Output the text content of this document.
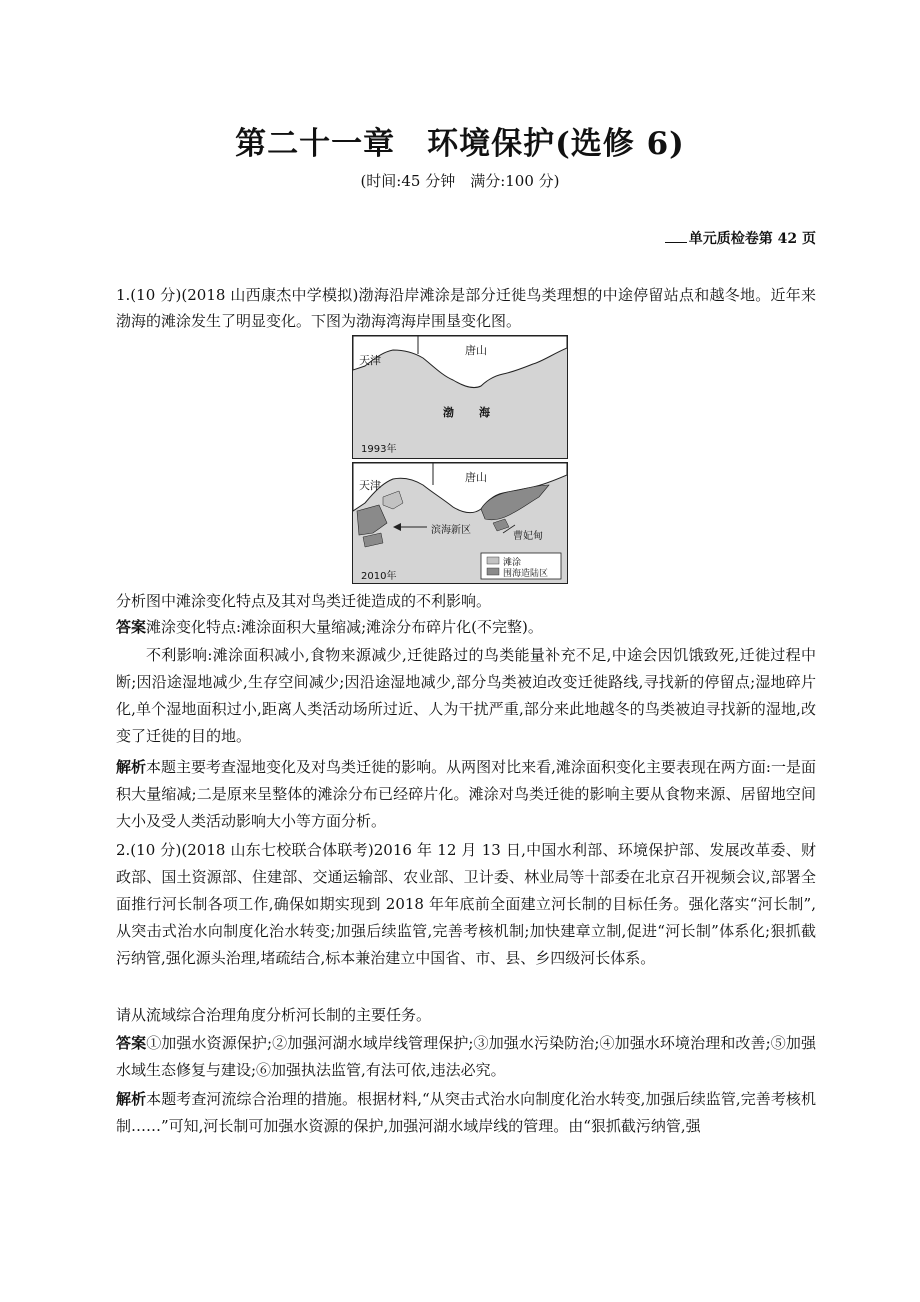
第二十一章　环境保护(选修 6)
(时间:45 分钟　满分:100 分)
单元质检卷第 42 页
1.(10 分)(2018 山西康杰中学模拟)渤海沿岸滩涂是部分迁徙鸟类理想的中途停留站点和越冬地。近年来渤海的滩涂发生了明显变化。下图为渤海湾海岸围垦变化图。
天津
唐山
渤 海
1993年
天津
唐山
滨海新区
曹妃甸
2010年
滩涂
围海造陆区
分析图中滩涂变化特点及其对鸟类迁徙造成的不利影响。
答案滩涂变化特点:滩涂面积大量缩减;滩涂分布碎片化(不完整)。
不利影响:滩涂面积减小,食物来源减少,迁徙路过的鸟类能量补充不足,中途会因饥饿致死,迁徙过程中断;因沿途湿地减少,生存空间减少;因沿途湿地减少,部分鸟类被迫改变迁徙路线,寻找新的停留点;湿地碎片化,单个湿地面积过小,距离人类活动场所过近、人为干扰严重,部分来此地越冬的鸟类被迫寻找新的湿地,改变了迁徙的目的地。
解析本题主要考查湿地变化及对鸟类迁徙的影响。从两图对比来看,滩涂面积变化主要表现在两方面:一是面积大量缩减;二是原来呈整体的滩涂分布已经碎片化。滩涂对鸟类迁徙的影响主要从食物来源、居留地空间大小及受人类活动影响大小等方面分析。
2.(10 分)(2018 山东七校联合体联考)2016 年 12 月 13 日,中国水利部、环境保护部、发展改革委、财政部、国土资源部、住建部、交通运输部、农业部、卫计委、林业局等十部委在北京召开视频会议,部署全面推行河长制各项工作,确保如期实现到 2018 年年底前全面建立河长制的目标任务。强化落实“河长制”,从突击式治水向制度化治水转变;加强后续监管,完善考核机制;加快建章立制,促进“河长制”体系化;狠抓截污纳管,强化源头治理,堵疏结合,标本兼治建立中国省、市、县、乡四级河长体系。
请从流域综合治理角度分析河长制的主要任务。
答案①加强水资源保护;②加强河湖水域岸线管理保护;③加强水污染防治;④加强水环境治理和改善;⑤加强水域生态修复与建设;⑥加强执法监管,有法可依,违法必究。
解析本题考查河流综合治理的措施。根据材料,“从突击式治水向制度化治水转变,加强后续监管,完善考核机制……”可知,河长制可加强水资源的保护,加强河湖水域岸线的管理。由“狠抓截污纳管,强
